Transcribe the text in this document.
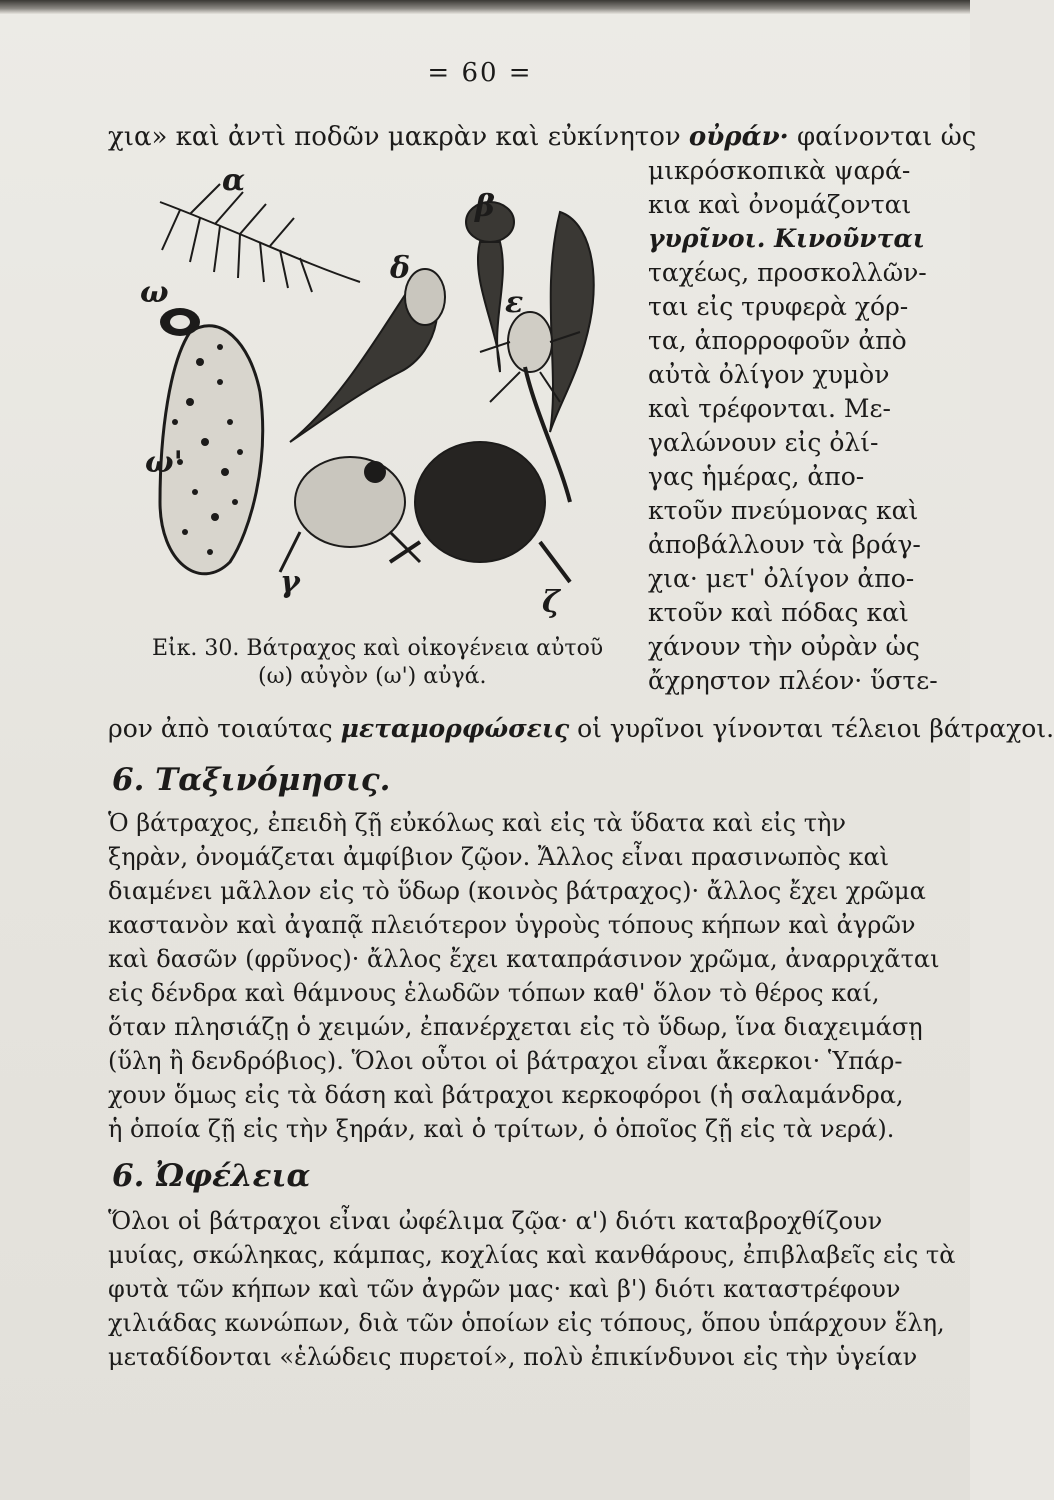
= 60 =
χια» καὶ ἀντὶ ποδῶν μακρὰν καὶ εὐκίνητον οὐράν· φαίνονται ὡς
μικρόσκοπικὰ ψαρά-
κια καὶ ὀνομάζονται
γυρῖνοι. Κινοῦνται
ταχέως, προσκολλῶν-
ται εἰς τρυφερὰ χόρ-
τα, ἀπορροφοῦν ἀπὸ
αὐτὰ ὀλίγον χυμὸν
καὶ τρέφονται. Με-
γαλώνουν εἰς ὀλί-
γας ἡμέρας, ἀπο-
κτοῦν πνεύμονας καὶ
ἀποβάλλουν τὰ βράγ-
χια· μετ' ὀλίγον ἀπο-
κτοῦν καὶ πόδας καὶ
χάνουν τὴν οὐρὰν ὡς
ἄχρηστον πλέον· ὕστε-
α
β
γ
δ
ε
ζ
ω
ω'
Εἰκ. 30. Βάτραχος καὶ οἰκογένεια αὐτοῦ
(ω) αὐγὸν (ω') αὐγά.
ρον ἀπὸ τοιαύτας μεταμορφώσεις οἱ γυρῖνοι γίνονται τέλειοι βάτραχοι.
6. Ταξινόμησις.
Ὁ βάτραχος, ἐπειδὴ ζῇ εὐκόλως καὶ εἰς τὰ ὕδατα καὶ εἰς τὴν
ξηρὰν, ὀνομάζεται ἀμφίβιον ζῷον. Ἄλλος εἶναι πρασινωπὸς καὶ
διαμένει μᾶλλον εἰς τὸ ὕδωρ (κοινὸς βάτραχος)· ἄλλος ἔχει χρῶμα
καστανὸν καὶ ἀγαπᾷ πλειότερον ὑγροὺς τόπους κήπων καὶ ἀγρῶν
καὶ δασῶν (φρῦνος)· ἄλλος ἔχει καταπράσινον χρῶμα, ἀναρριχᾶται
εἰς δένδρα καὶ θάμνους ἑλωδῶν τόπων καθ' ὅλον τὸ θέρος καί,
ὅταν πλησιάζῃ ὁ χειμών, ἐπανέρχεται εἰς τὸ ὕδωρ, ἵνα διαχειμάσῃ
(ὕλη ἢ δενδρόβιος). Ὅλοι οὗτοι οἱ βάτραχοι εἶναι ἄκερκοι· Ὑπάρ-
χουν ὅμως εἰς τὰ δάση καὶ βάτραχοι κερκοφόροι (ἡ σαλαμάνδρα,
ἡ ὁποία ζῇ εἰς τὴν ξηράν, καὶ ὁ τρίτων, ὁ ὁποῖος ζῇ εἰς τὰ νερά).
6. Ὠφέλεια
Ὅλοι οἱ βάτραχοι εἶναι ὠφέλιμα ζῷα· α') διότι καταβροχθίζουν
μυίας, σκώληκας, κάμπας, κοχλίας καὶ κανθάρους, ἐπιβλαβεῖς εἰς τὰ
φυτὰ τῶν κήπων καὶ τῶν ἀγρῶν μας· καὶ β') διότι καταστρέφουν
χιλιάδας κωνώπων, διὰ τῶν ὁποίων εἰς τόπους, ὅπου ὑπάρχουν ἕλη,
μεταδίδονται «ἑλώδεις πυρετοί», πολὺ ἐπικίνδυνοι εἰς τὴν ὑγείαν
